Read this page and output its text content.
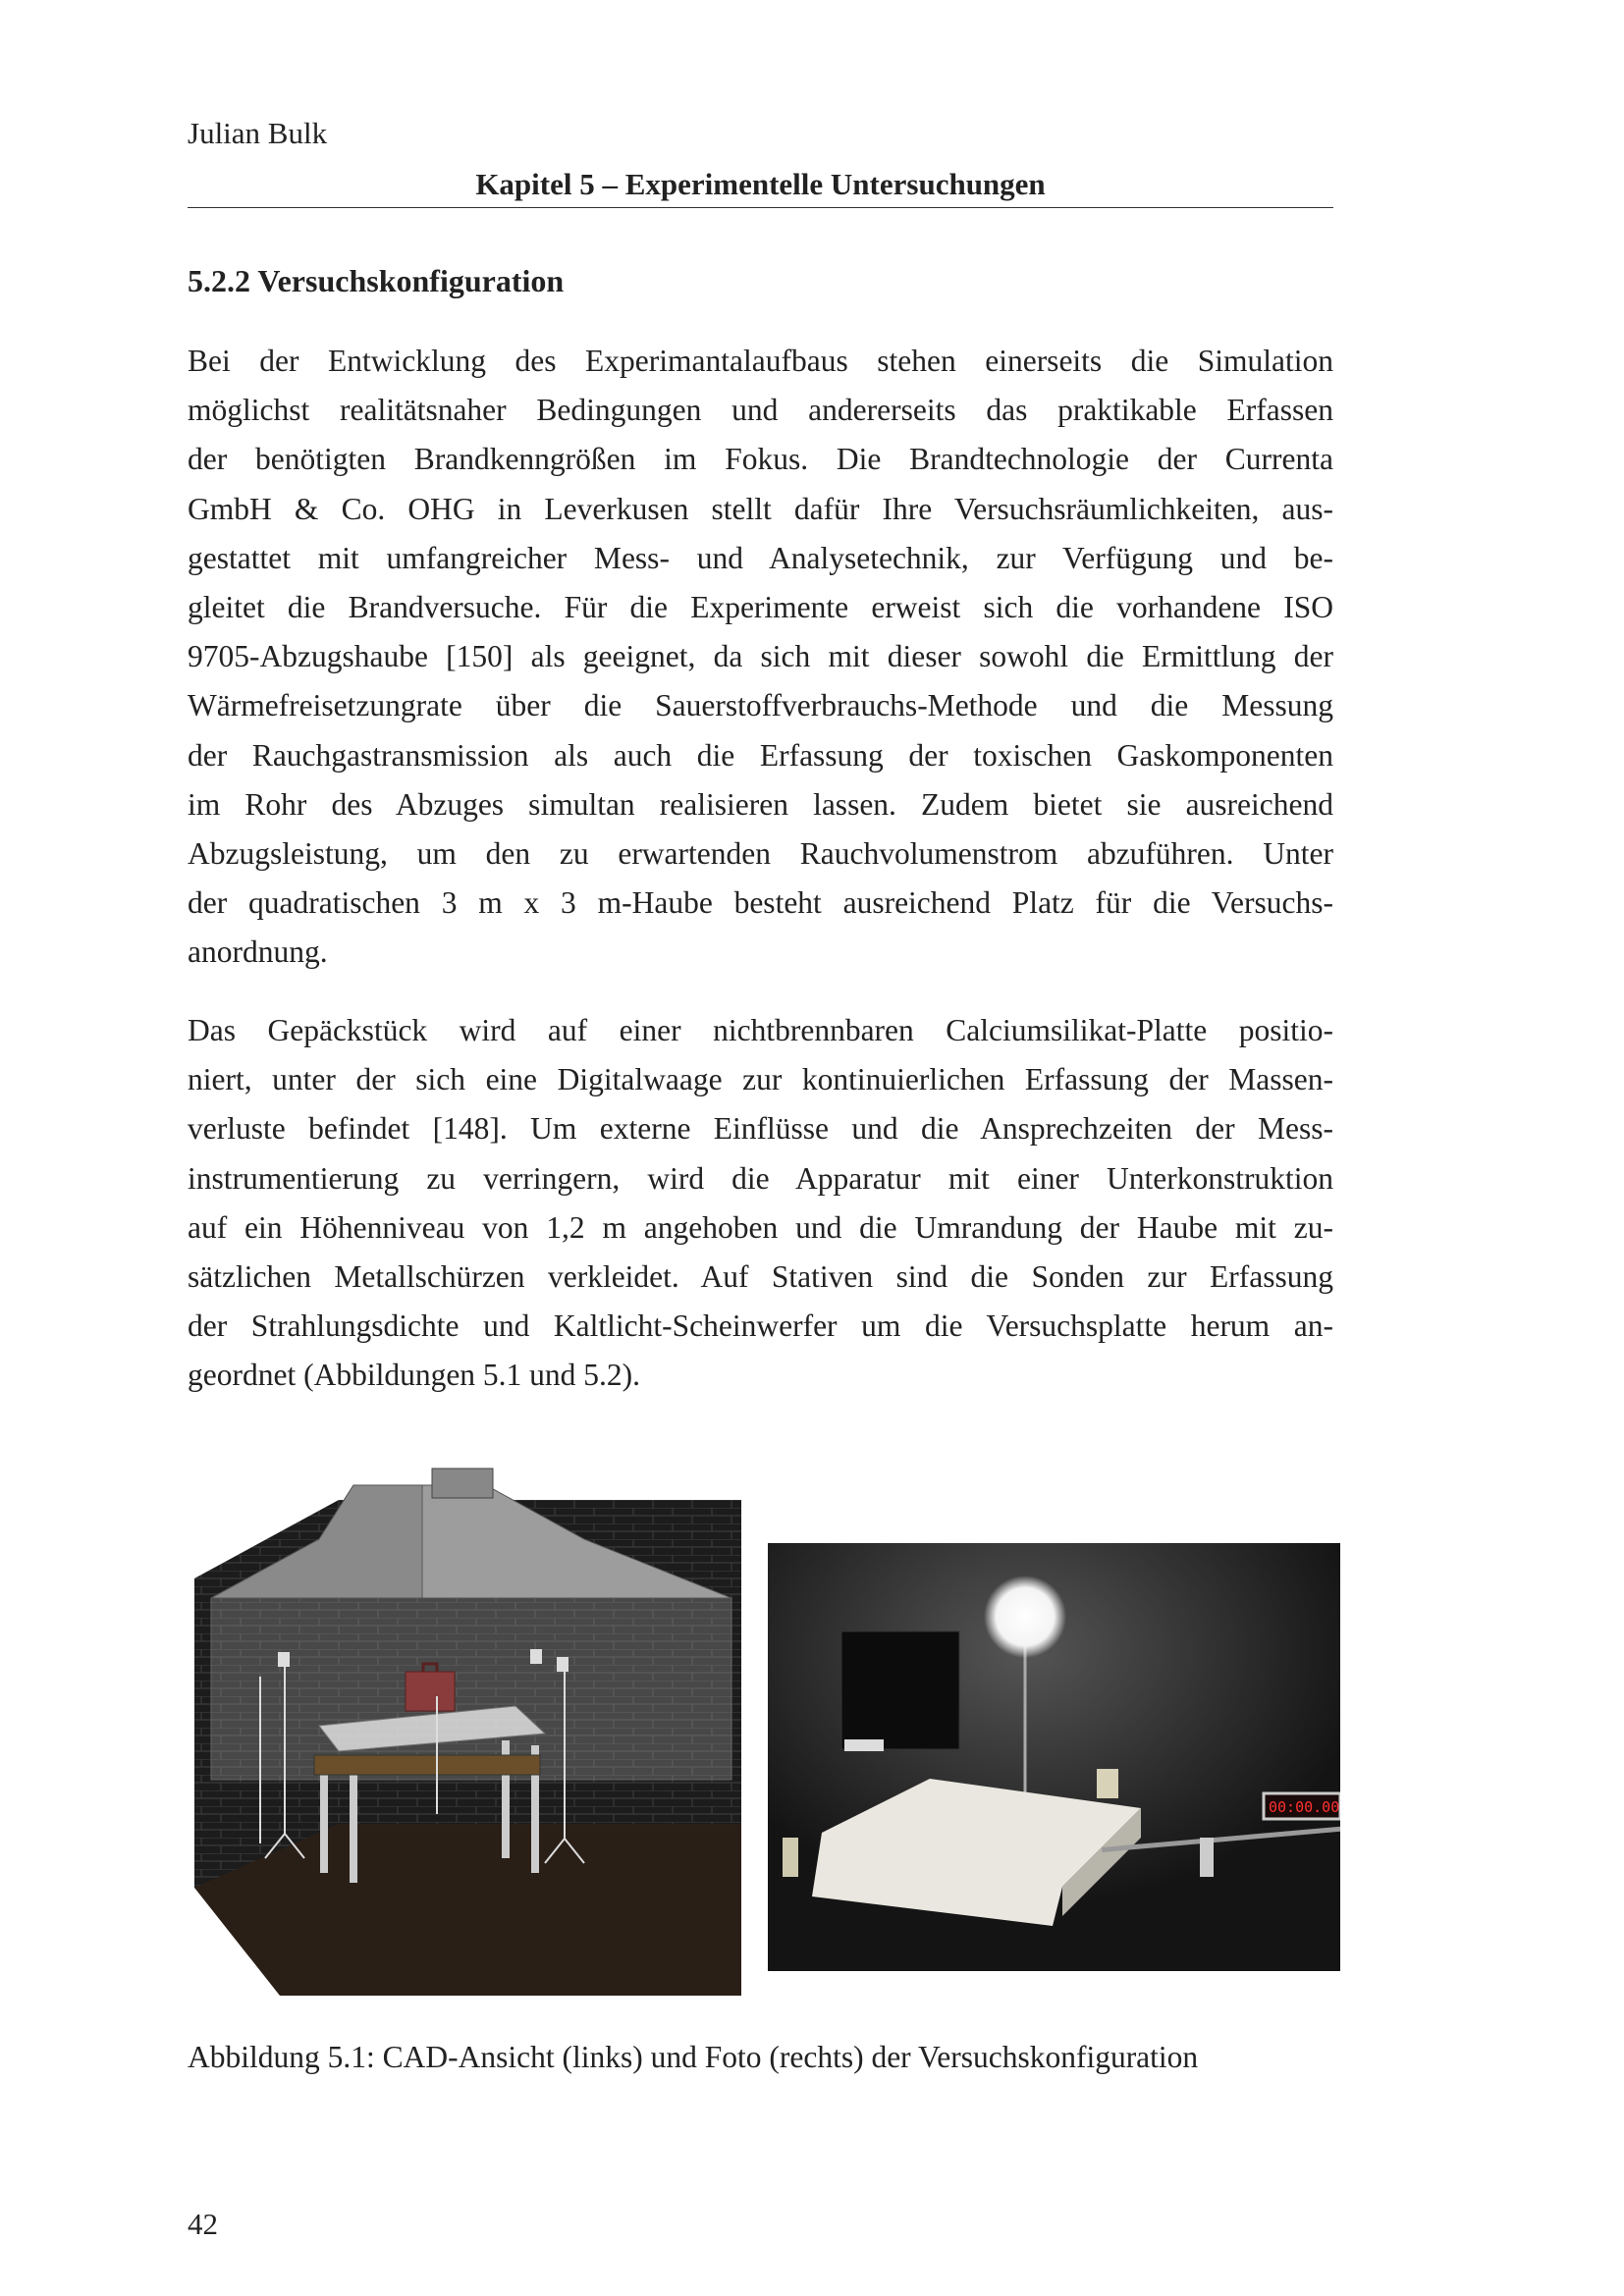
Julian Bulk
Kapitel 5 – Experimentelle Untersuchungen
5.2.2 Versuchskonfiguration
Bei der Entwicklung des Experimantalaufbaus stehen einerseits die Simulation
möglichst realitätsnaher Bedingungen und andererseits das praktikable Erfassen
der benötigten Brandkenngrößen im Fokus. Die Brandtechnologie der Currenta
GmbH & Co. OHG in Leverkusen stellt dafür Ihre Versuchsräumlichkeiten, aus-
gestattet mit umfangreicher Mess- und Analysetechnik, zur Verfügung und be-
gleitet die Brandversuche. Für die Experimente erweist sich die vorhandene ISO
9705-Abzugshaube [150] als geeignet, da sich mit dieser sowohl die Ermittlung der
Wärmefreisetzungrate über die Sauerstoffverbrauchs-Methode und die Messung
der Rauchgastransmission als auch die Erfassung der toxischen Gaskomponenten
im Rohr des Abzuges simultan realisieren lassen. Zudem bietet sie ausreichend
Abzugsleistung, um den zu erwartenden Rauchvolumenstrom abzuführen. Unter
der quadratischen 3 m x 3 m-Haube besteht ausreichend Platz für die Versuchs-
anordnung.
Das Gepäckstück wird auf einer nichtbrennbaren Calciumsilikat-Platte positio-
niert, unter der sich eine Digitalwaage zur kontinuierlichen Erfassung der Massen-
verluste befindet [148]. Um externe Einflüsse und die Ansprechzeiten der Mess-
instrumentierung zu verringern, wird die Apparatur mit einer Unterkonstruktion
auf ein Höhenniveau von 1,2 m angehoben und die Umrandung der Haube mit zu-
sätzlichen Metallschürzen verkleidet. Auf Stativen sind die Sonden zur Erfassung
der Strahlungsdichte und Kaltlicht-Scheinwerfer um die Versuchsplatte herum an-
geordnet (Abbildungen 5.1 und 5.2).
00:00.00
Abbildung 5.1: CAD-Ansicht (links) und Foto (rechts) der Versuchskonfiguration
42
